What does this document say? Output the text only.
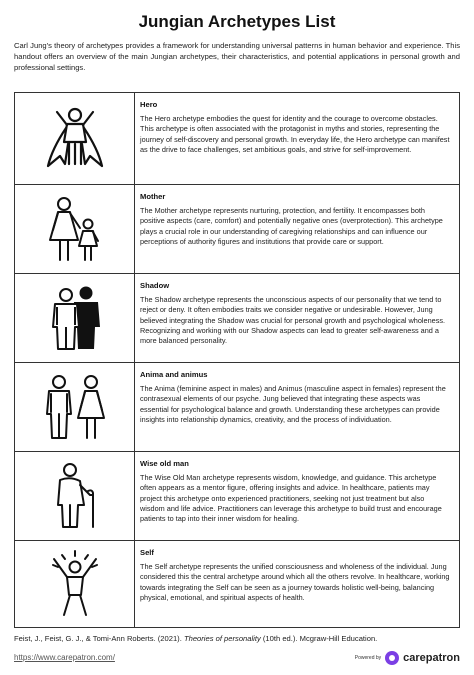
Jungian Archetypes List
Carl Jung's theory of archetypes provides a framework for understanding universal patterns in human behavior and experience. This handout offers an overview of the main Jungian archetypes, their characteristics, and potential applications in personal growth and professional settings.
Hero
The Hero archetype embodies the quest for identity and the courage to overcome obstacles. This archetype is often associated with the protagonist in myths and stories, representing the journey of self-discovery and personal growth. In everyday life, the Hero archetype can manifest as the drive to face challenges, set ambitious goals, and strive for self-improvement.
Mother
The Mother archetype represents nurturing, protection, and fertility. It encompasses both positive aspects (care, comfort) and potentially negative ones (overprotection). This archetype plays a crucial role in our understanding of caregiving relationships and can influence our perceptions of authority figures and institutions that provide care or support.
Shadow
The Shadow archetype represents the unconscious aspects of our personality that we tend to reject or deny. It often embodies traits we consider negative or undesirable. However, Jung believed integrating the Shadow was crucial for personal growth and psychological wholeness. Recognizing and working with our Shadow aspects can lead to greater self-awareness and a more balanced personality.
Anima and animus
The Anima (feminine aspect in males) and Animus (masculine aspect in females) represent the contrasexual elements of our psyche. Jung believed that integrating these aspects was essential for psychological balance and growth. Understanding these archetypes can provide insights into relationship dynamics, creativity, and the process of individuation.
Wise old man
The Wise Old Man archetype represents wisdom, knowledge, and guidance. This archetype often appears as a mentor figure, offering insights and advice. In healthcare, patients may project this archetype onto experienced practitioners, seeking not just treatment but also wisdom and life advice. Practitioners can leverage this archetype to build trust and encourage patients to tap into their inner wisdom for healing.
Self
The Self archetype represents the unified consciousness and wholeness of the individual. Jung considered this the central archetype around which all the others revolve. In healthcare, working towards integrating the Self can be seen as a journey towards holistic well-being, balancing physical, emotional, and spiritual aspects of health.
Feist, J., Feist, G. J., & Tomi-Ann Roberts. (2021). Theories of personality (10th ed.). Mcgraw-Hill Education.
https://www.carepatron.com/	Powered by carepatron
